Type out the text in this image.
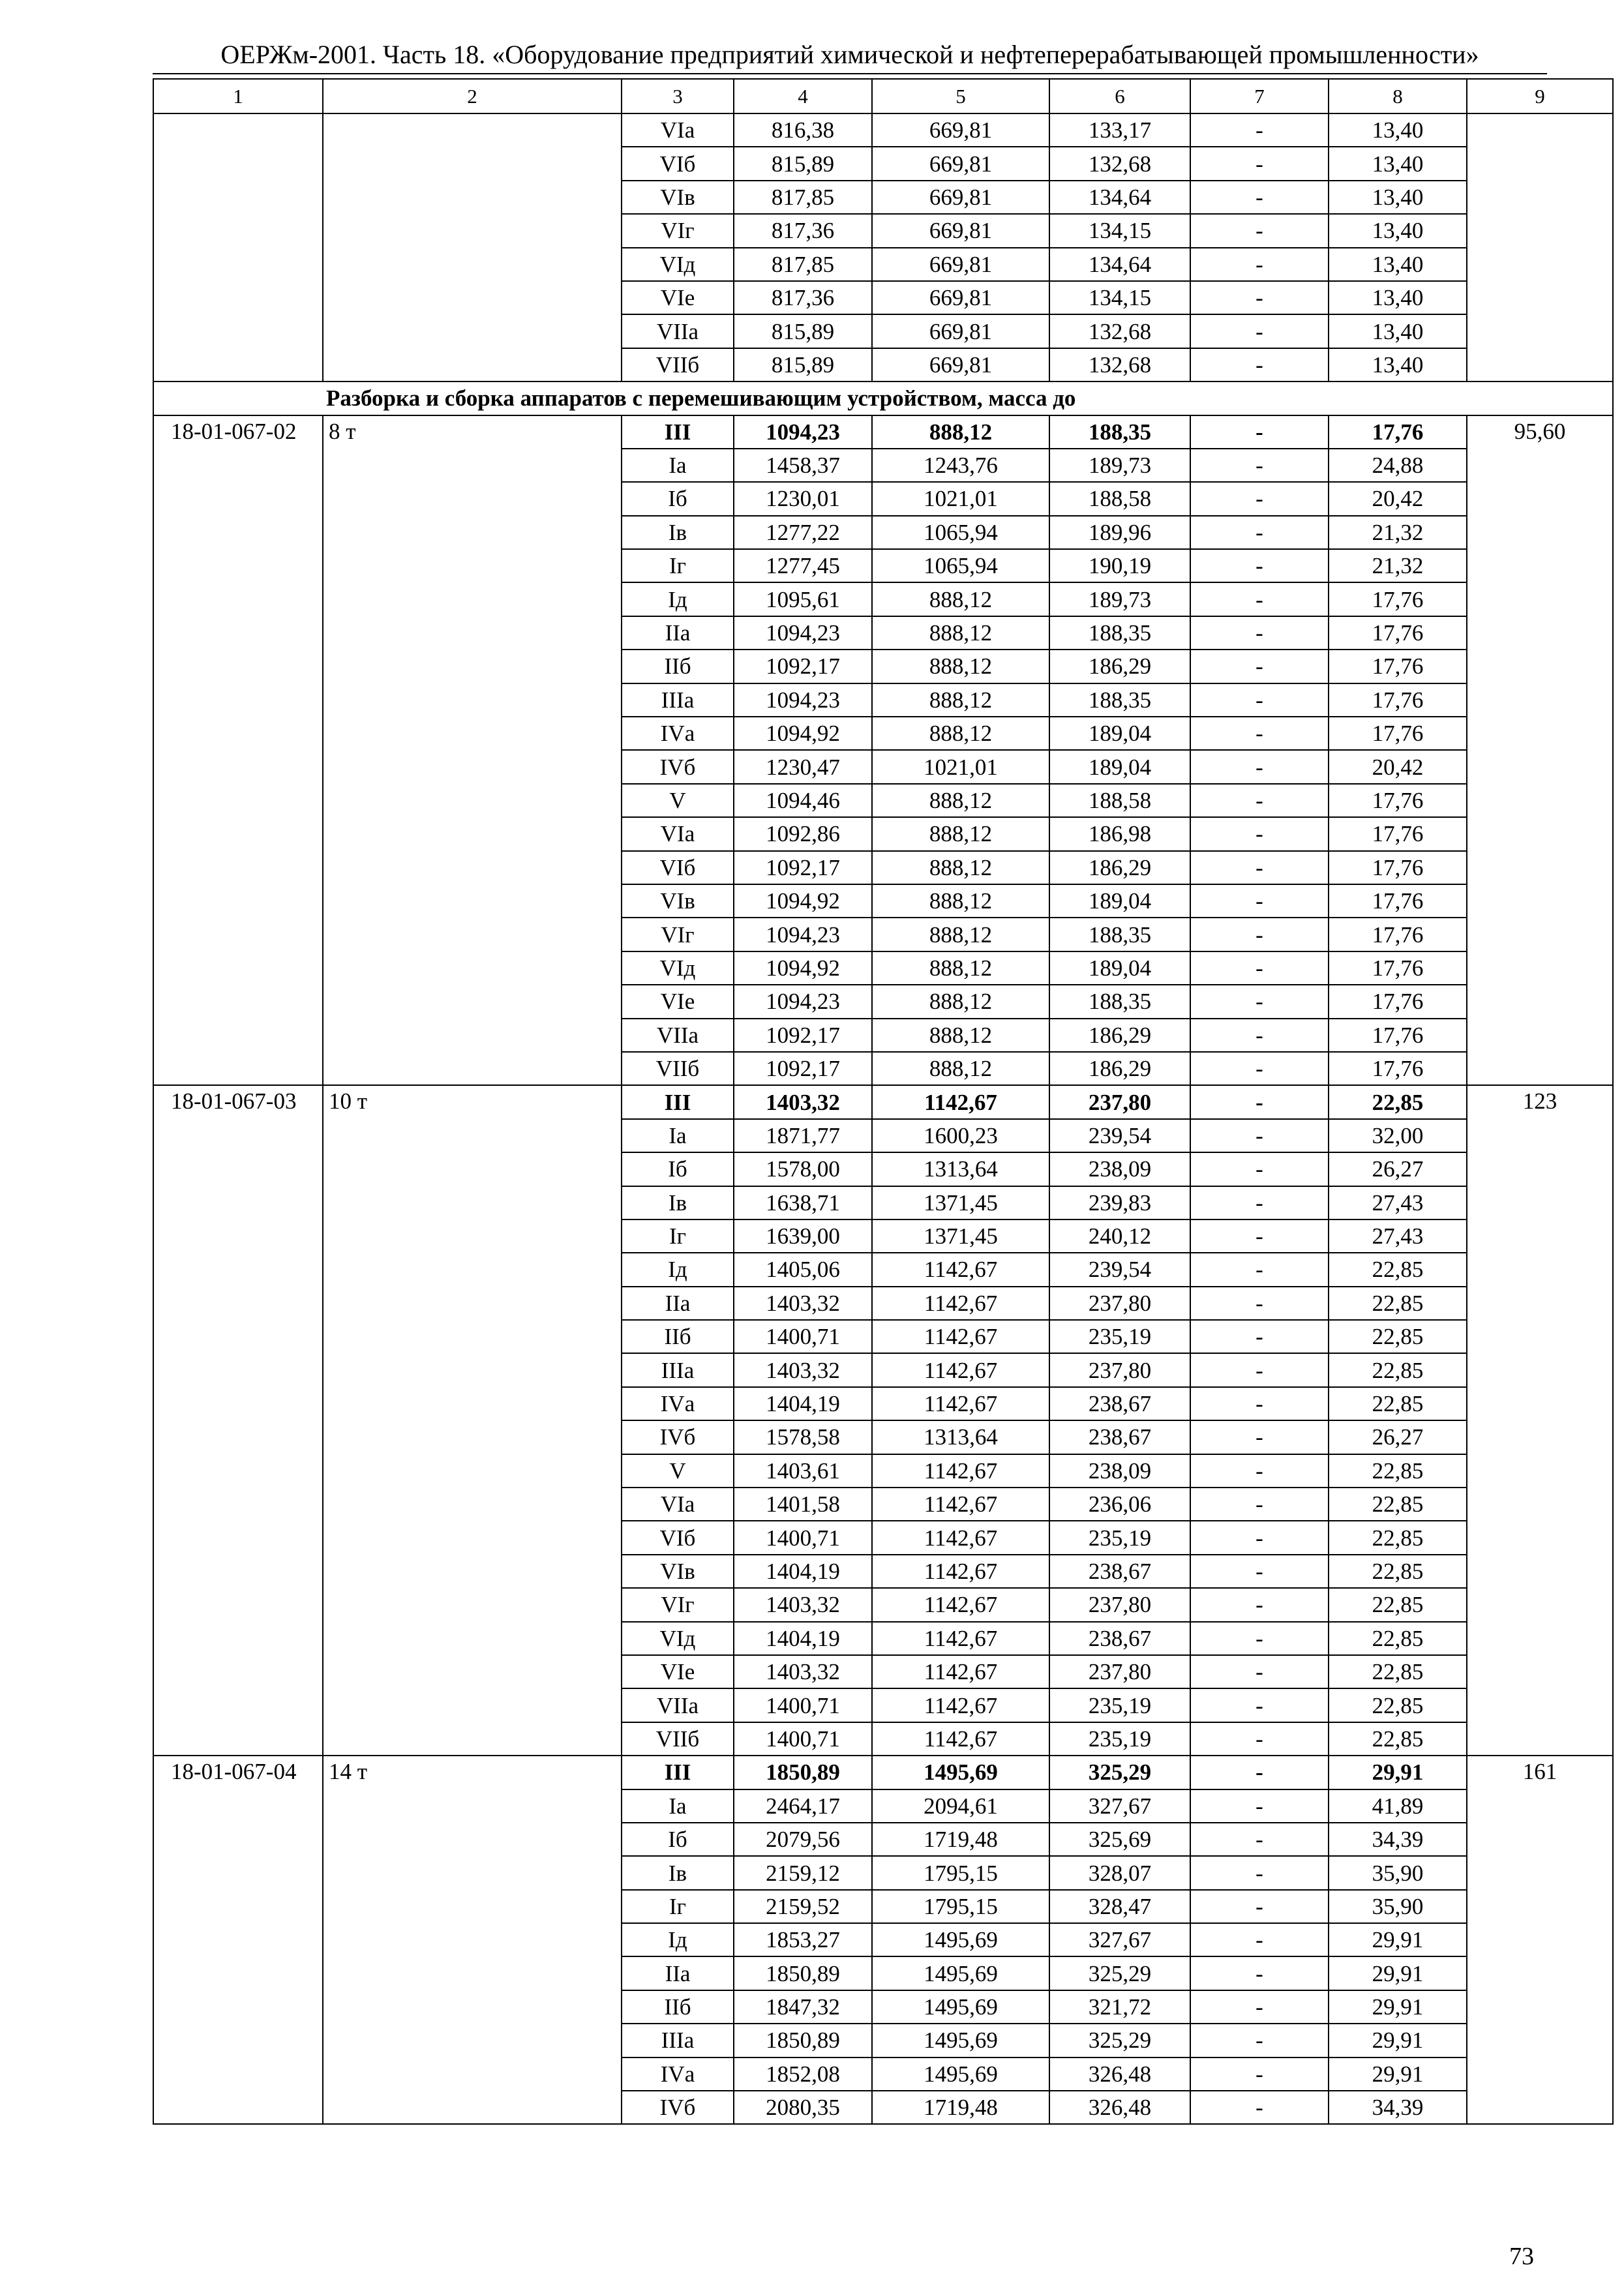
ОЕРЖм-2001. Часть 18. «Оборудование предприятий химической и нефтеперерабатывающей промышленности»
1	2	3	4	5	6	7	8	9
		VIа	816,38	669,81	133,17	-	13,40	
		VIб	815,89	669,81	132,68	-	13,40	
		VIв	817,85	669,81	134,64	-	13,40	
		VIг	817,36	669,81	134,15	-	13,40	
		VIд	817,85	669,81	134,64	-	13,40	
		VIе	817,36	669,81	134,15	-	13,40	
		VIIа	815,89	669,81	132,68	-	13,40	
		VIIб	815,89	669,81	132,68	-	13,40	
Разборка и сборка аппаратов с перемешивающим устройством, масса до								
18-01-067-02	8 т	III	1094,23	888,12	188,35	-	17,76	95,60
		Iа	1458,37	1243,76	189,73	-	24,88	
		Iб	1230,01	1021,01	188,58	-	20,42	
		Iв	1277,22	1065,94	189,96	-	21,32	
		Iг	1277,45	1065,94	190,19	-	21,32	
		Iд	1095,61	888,12	189,73	-	17,76	
		IIа	1094,23	888,12	188,35	-	17,76	
		IIб	1092,17	888,12	186,29	-	17,76	
		IIIа	1094,23	888,12	188,35	-	17,76	
		IVа	1094,92	888,12	189,04	-	17,76	
		IVб	1230,47	1021,01	189,04	-	20,42	
		V	1094,46	888,12	188,58	-	17,76	
		VIа	1092,86	888,12	186,98	-	17,76	
		VIб	1092,17	888,12	186,29	-	17,76	
		VIв	1094,92	888,12	189,04	-	17,76	
		VIг	1094,23	888,12	188,35	-	17,76	
		VIд	1094,92	888,12	189,04	-	17,76	
		VIе	1094,23	888,12	188,35	-	17,76	
		VIIа	1092,17	888,12	186,29	-	17,76	
		VIIб	1092,17	888,12	186,29	-	17,76	
18-01-067-03	10 т	III	1403,32	1142,67	237,80	-	22,85	123
		Iа	1871,77	1600,23	239,54	-	32,00	
		Iб	1578,00	1313,64	238,09	-	26,27	
		Iв	1638,71	1371,45	239,83	-	27,43	
		Iг	1639,00	1371,45	240,12	-	27,43	
		Iд	1405,06	1142,67	239,54	-	22,85	
		IIа	1403,32	1142,67	237,80	-	22,85	
		IIб	1400,71	1142,67	235,19	-	22,85	
		IIIа	1403,32	1142,67	237,80	-	22,85	
		IVа	1404,19	1142,67	238,67	-	22,85	
		IVб	1578,58	1313,64	238,67	-	26,27	
		V	1403,61	1142,67	238,09	-	22,85	
		VIа	1401,58	1142,67	236,06	-	22,85	
		VIб	1400,71	1142,67	235,19	-	22,85	
		VIв	1404,19	1142,67	238,67	-	22,85	
		VIг	1403,32	1142,67	237,80	-	22,85	
		VIд	1404,19	1142,67	238,67	-	22,85	
		VIе	1403,32	1142,67	237,80	-	22,85	
		VIIа	1400,71	1142,67	235,19	-	22,85	
		VIIб	1400,71	1142,67	235,19	-	22,85	
18-01-067-04	14 т	III	1850,89	1495,69	325,29	-	29,91	161
		Iа	2464,17	2094,61	327,67	-	41,89	
		Iб	2079,56	1719,48	325,69	-	34,39	
		Iв	2159,12	1795,15	328,07	-	35,90	
		Iг	2159,52	1795,15	328,47	-	35,90	
		Iд	1853,27	1495,69	327,67	-	29,91	
		IIа	1850,89	1495,69	325,29	-	29,91	
		IIб	1847,32	1495,69	321,72	-	29,91	
		IIIа	1850,89	1495,69	325,29	-	29,91	
		IVа	1852,08	1495,69	326,48	-	29,91	
		IVб	2080,35	1719,48	326,48	-	34,39	
73
